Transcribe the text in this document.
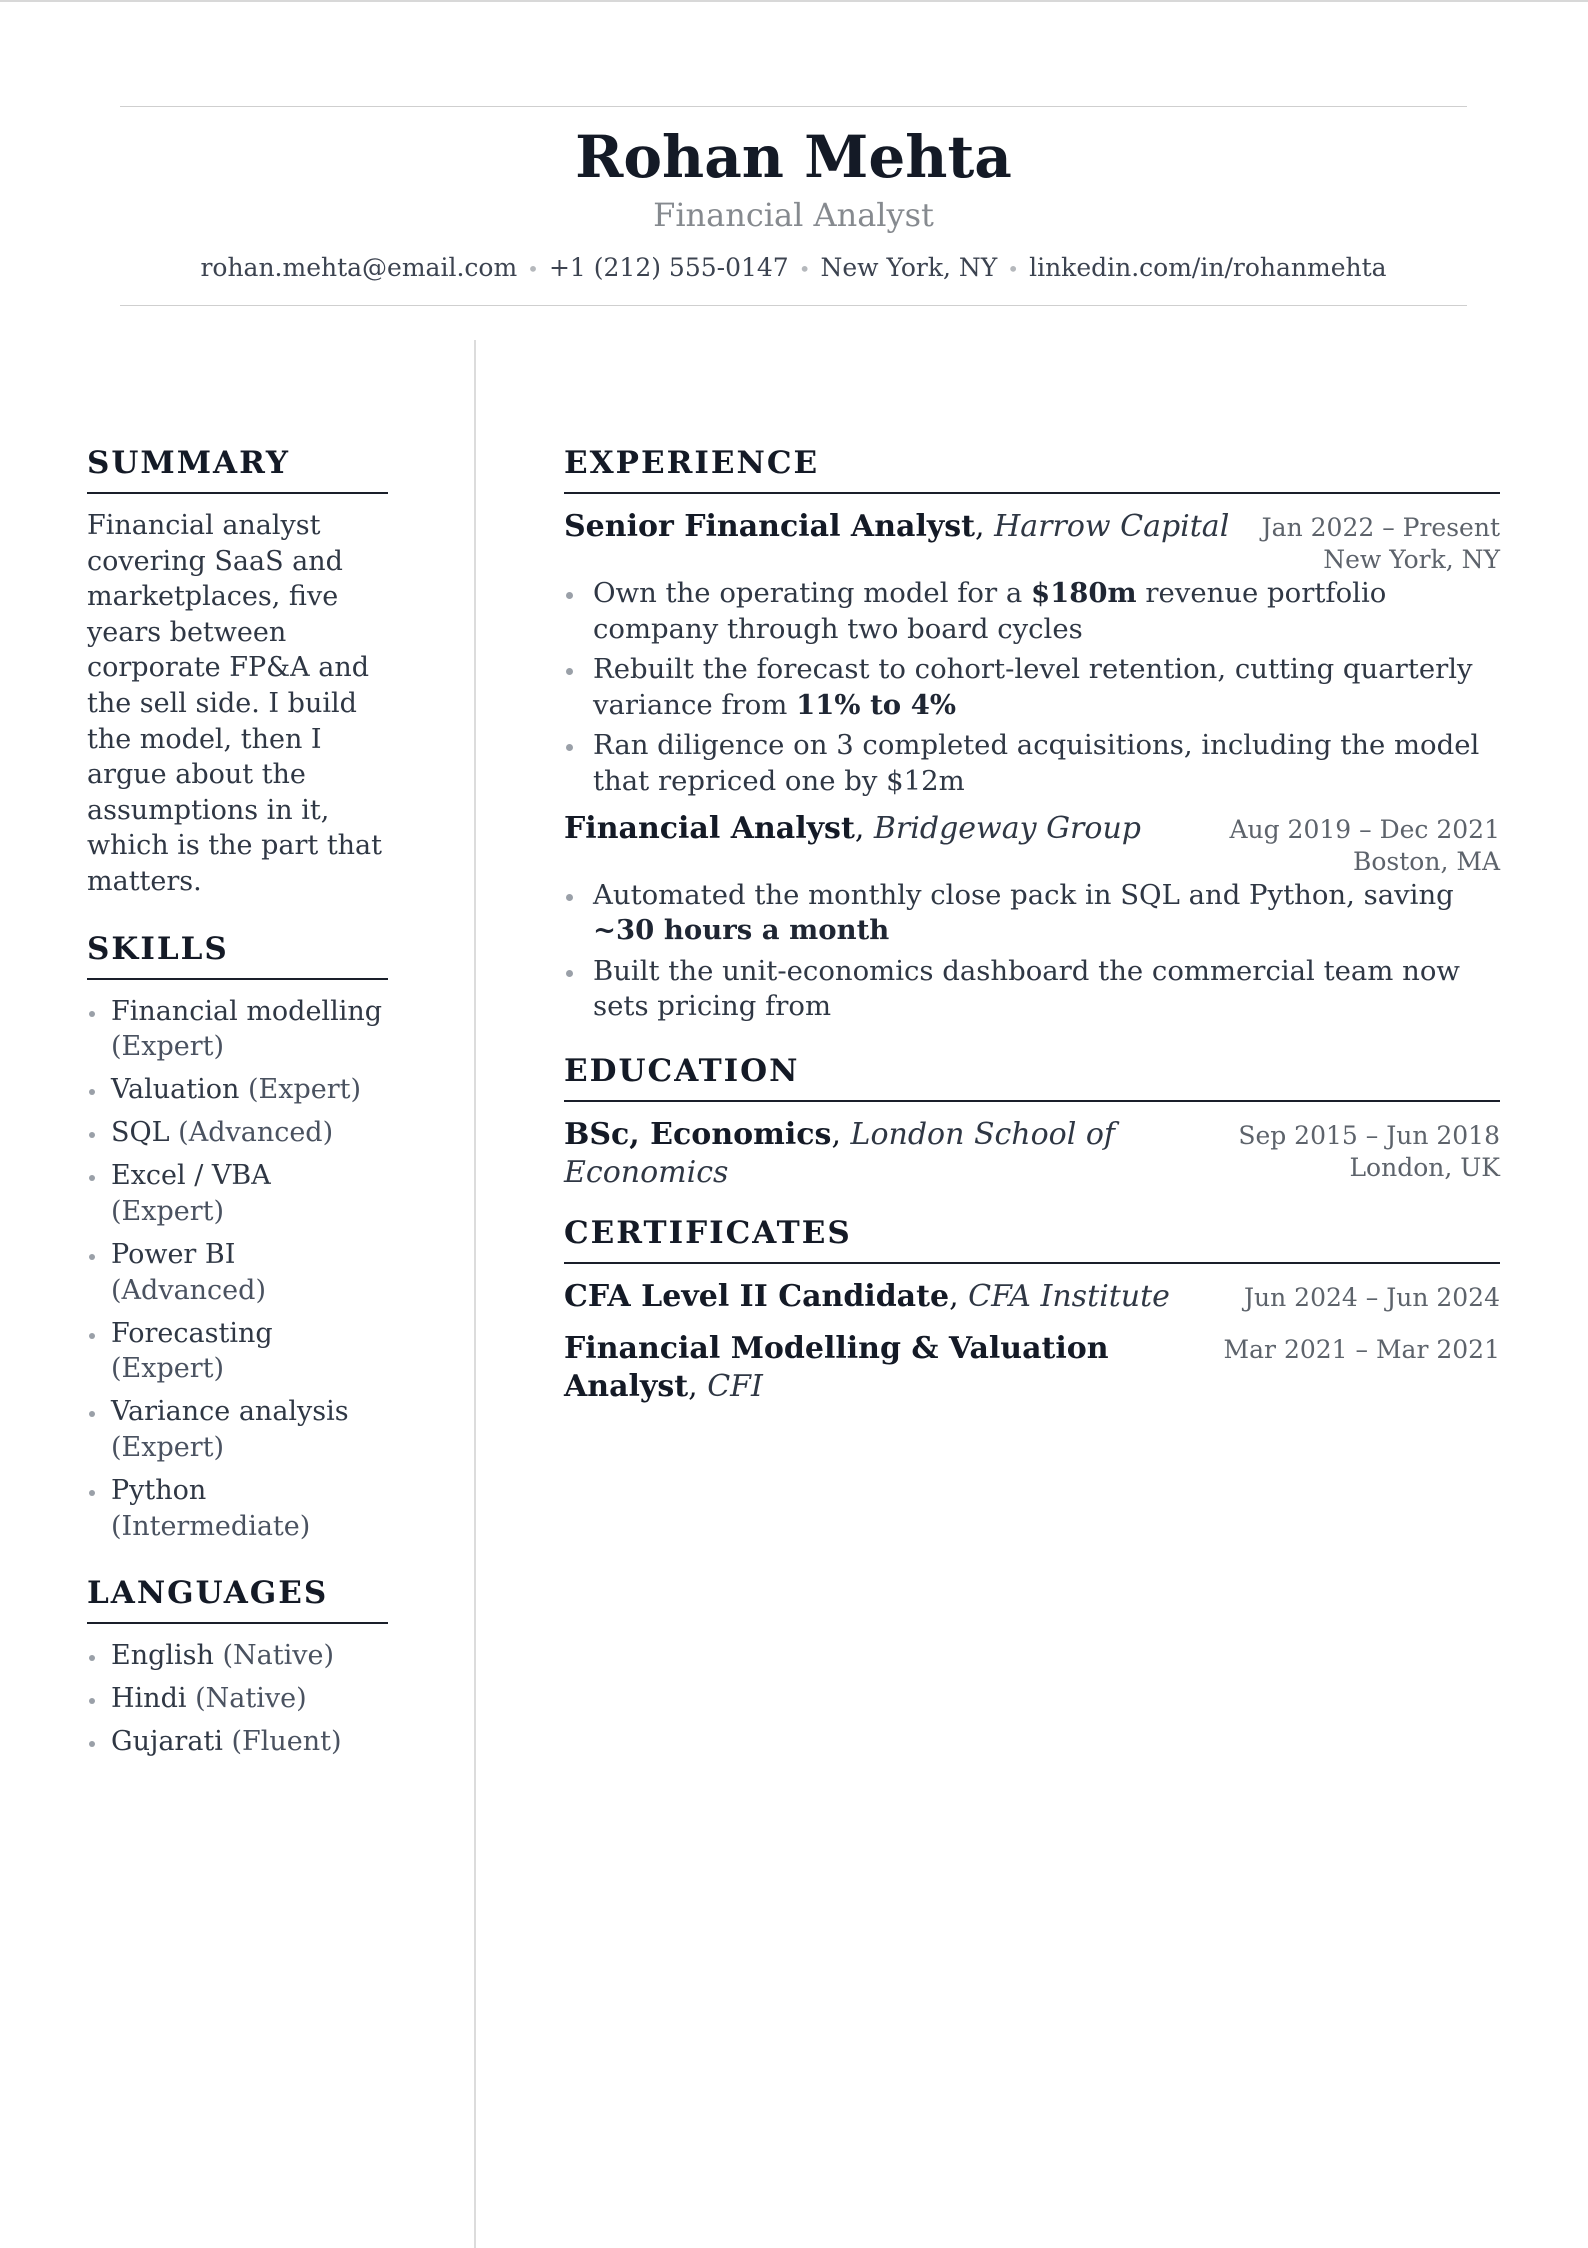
Rohan Mehta
Financial Analyst
rohan.mehta@email.com • +1 (212) 555-0147 • New York, NY • linkedin.com/in/rohanmehta
SUMMARY

Financial analyst covering SaaS and marketplaces, five years between corporate FP&A and the sell side. I build the model, then I argue about the assumptions in it, which is the part that matters.

SKILLS
Financial modelling (Expert)
Valuation (Expert)
SQL (Advanced)
Excel / VBA (Expert)
Power BI (Advanced)
Forecasting (Expert)
Variance analysis (Expert)
Python (Intermediate)
LANGUAGES
English (Native)
Hindi (Native)
Gujarati (Fluent)
EXPERIENCE
Senior Financial Analyst, Harrow Capital Jan 2022 – Present
New York, NY
Own the operating model for a $180m revenue portfolio company through two board cycles
Rebuilt the forecast to cohort-level retention, cutting quarterly variance from 11% to 4%
Ran diligence on 3 completed acquisitions, including the model that repriced one by $12m
Financial Analyst, Bridgeway Group	Aug 2019 – Dec 2021
Boston, MA
Automated the monthly close pack in SQL and Python, saving ~30 hours a month
Built the unit-economics dashboard the commercial team now sets pricing from
EDUCATION
BSc, Economics, London School of Economics
Sep 2015 – Jun 2018
London, UK
CERTIFICATES
CFA Level II Candidate, CFA Institute	Jun 2024 – Jun 2024
Financial Modelling & Valuation Analyst, CFI
Mar 2021 – Mar 2021
